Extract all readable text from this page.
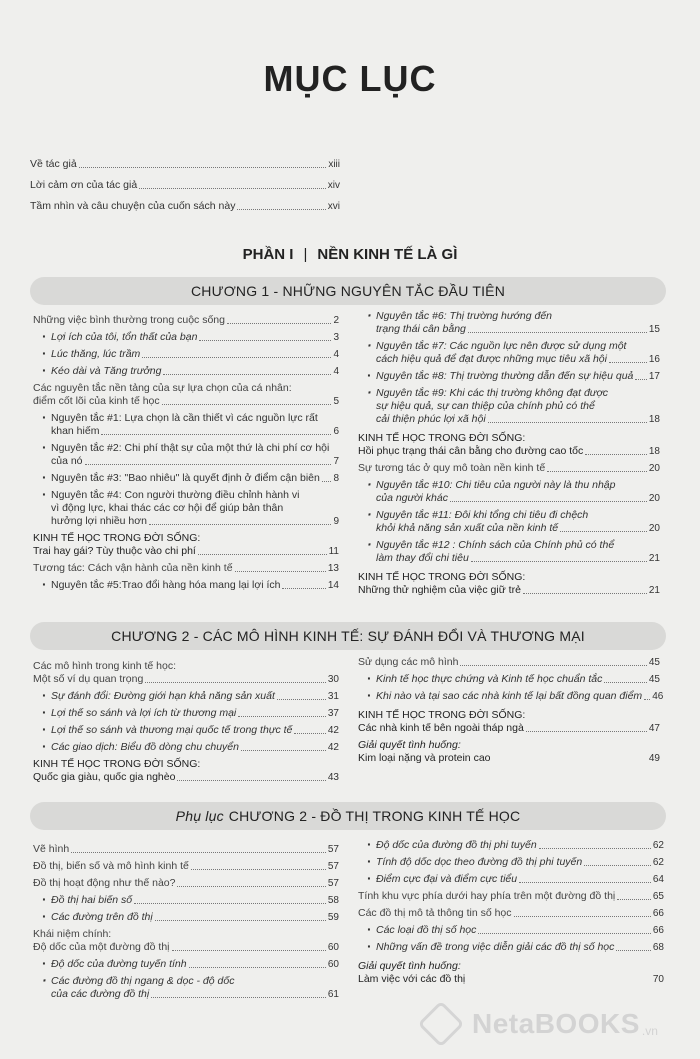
MỤC LỤC
Về tác giả	xiii
Lời cảm ơn của tác giả	xiv
Tầm nhìn và câu chuyện của cuốn sách này	xvi
PHẦN I | NỀN KINH TẾ LÀ GÌ
CHƯƠNG 1 - NHỮNG NGUYÊN TẮC ĐẦU TIÊN
Những việc bình thường trong cuộc sống	2
· Lợi ích của tôi, tổn thất của bạn	3
· Lúc thăng, lúc trầm	4
· Kéo dài và Tăng trưởng	4
Các nguyên tắc nền tảng của sự lựa chọn của cá nhân:
điểm cốt lõi của kinh tế học	5
· Nguyên tắc #1: Lựa chọn là cần thiết vì các nguồn lực rất
khan hiếm	6
· Nguyên tắc #2: Chi phí thật sự của một thứ là chi phí cơ hội
của nó	7
· Nguyên tắc #3: "Bao nhiêu" là quyết định ở điểm cận biên 8
· Nguyên tắc #4: Con người thường điều chỉnh hành vi
vì động lực, khai thác các cơ hội để giúp bản thân
hưởng lợi nhiều hơn	9
KINH TẾ HỌC TRONG ĐỜI SỐNG:
Trai hay gái? Tùy thuộc vào chi phí	11
Tương tác: Cách vận hành của nền kinh tế	13
· Nguyên tắc #5:Trao đổi hàng hóa mang lại lợi ích	14
· Nguyên tắc #6: Thị trường hướng đến
trạng thái cân bằng	15
· Nguyên tắc #7: Các nguồn lực nên được sử dụng một
cách hiệu quả để đạt được những mục tiêu xã hội	16
· Nguyên tắc #8: Thị trường thường dẫn đến sự hiệu quả 17
· Nguyên tắc #9: Khi các thị trường không đạt được
sự hiệu quả, sự can thiệp của chính phủ có thể
cải thiện phúc lợi xã hội	18
KINH TẾ HỌC TRONG ĐỜI SỐNG:
Hồi phục trạng thái cân bằng cho đường cao tốc	18
Sự tương tác ở quy mô toàn nền kinh tế	20
· Nguyên tắc #10: Chi tiêu của người này là thu nhập
của người khác	20
· Nguyên tắc #11: Đôi khi tổng chi tiêu đi chệch
khỏi khả năng sản xuất của nền kinh tế	20
· Nguyên tắc #12 : Chính sách của Chính phủ có thể
làm thay đổi chi tiêu	21
KINH TẾ HỌC TRONG ĐỜI SỐNG:
Những thử nghiệm của việc giữ trẻ	21
CHƯƠNG 2 - CÁC MÔ HÌNH KINH TẾ: SỰ ĐÁNH ĐỔI VÀ THƯƠNG MẠI
Các mô hình trong kinh tế học:
Một số ví dụ quan trọng	30
· Sự đánh đổi: Đường giới hạn khả năng sản xuất	31
· Lợi thế so sánh và lợi ích từ thương mại	37
· Lợi thế so sánh và thương mại quốc tế trong thực tế	42
· Các giao dịch: Biểu đồ dòng chu chuyển	42
KINH TẾ HỌC TRONG ĐỜI SỐNG:
Quốc gia giàu, quốc gia nghèo	43
Sử dụng các mô hình	45
· Kinh tế học thực chứng và Kinh tế học chuẩn tắc	45
· Khi nào và tại sao các nhà kinh tế lại bất đồng quan điểm 46
KINH TẾ HỌC TRONG ĐỜI SỐNG:
Các nhà kinh tế bên ngoài tháp ngà	47
Giải quyết tình huống:
Kim loại nặng và protein cao	49
Phụ lục CHƯƠNG 2 - ĐỒ THỊ TRONG KINH TẾ HỌC
Vẽ hình	57
Đồ thị, biến số và mô hình kinh tế	57
Đồ thị hoạt động như thế nào?	57
· Đồ thị hai biến số	58
· Các đường trên đồ thị	59
Khái niệm chính:
Độ dốc của một đường đồ thị	60
· Độ dốc của đường tuyến tính	60
· Các đường đồ thị ngang & dọc - độ dốc
của các đường đồ thị	61
· Độ dốc của đường đồ thị phi tuyến	62
· Tính độ dốc dọc theo đường đồ thị phi tuyến	62
· Điểm cực đại và điểm cực tiểu	64
Tính khu vực phía dưới hay phía trên một đường đồ thị	65
Các đồ thị mô tả thông tin số học	66
· Các loại đồ thị số học	66
· Những vấn đề trong việc diễn giải các đồ thị số học	68
Giải quyết tình huống:
Làm việc với các đồ thị	70
NetaBOOKS .vn
